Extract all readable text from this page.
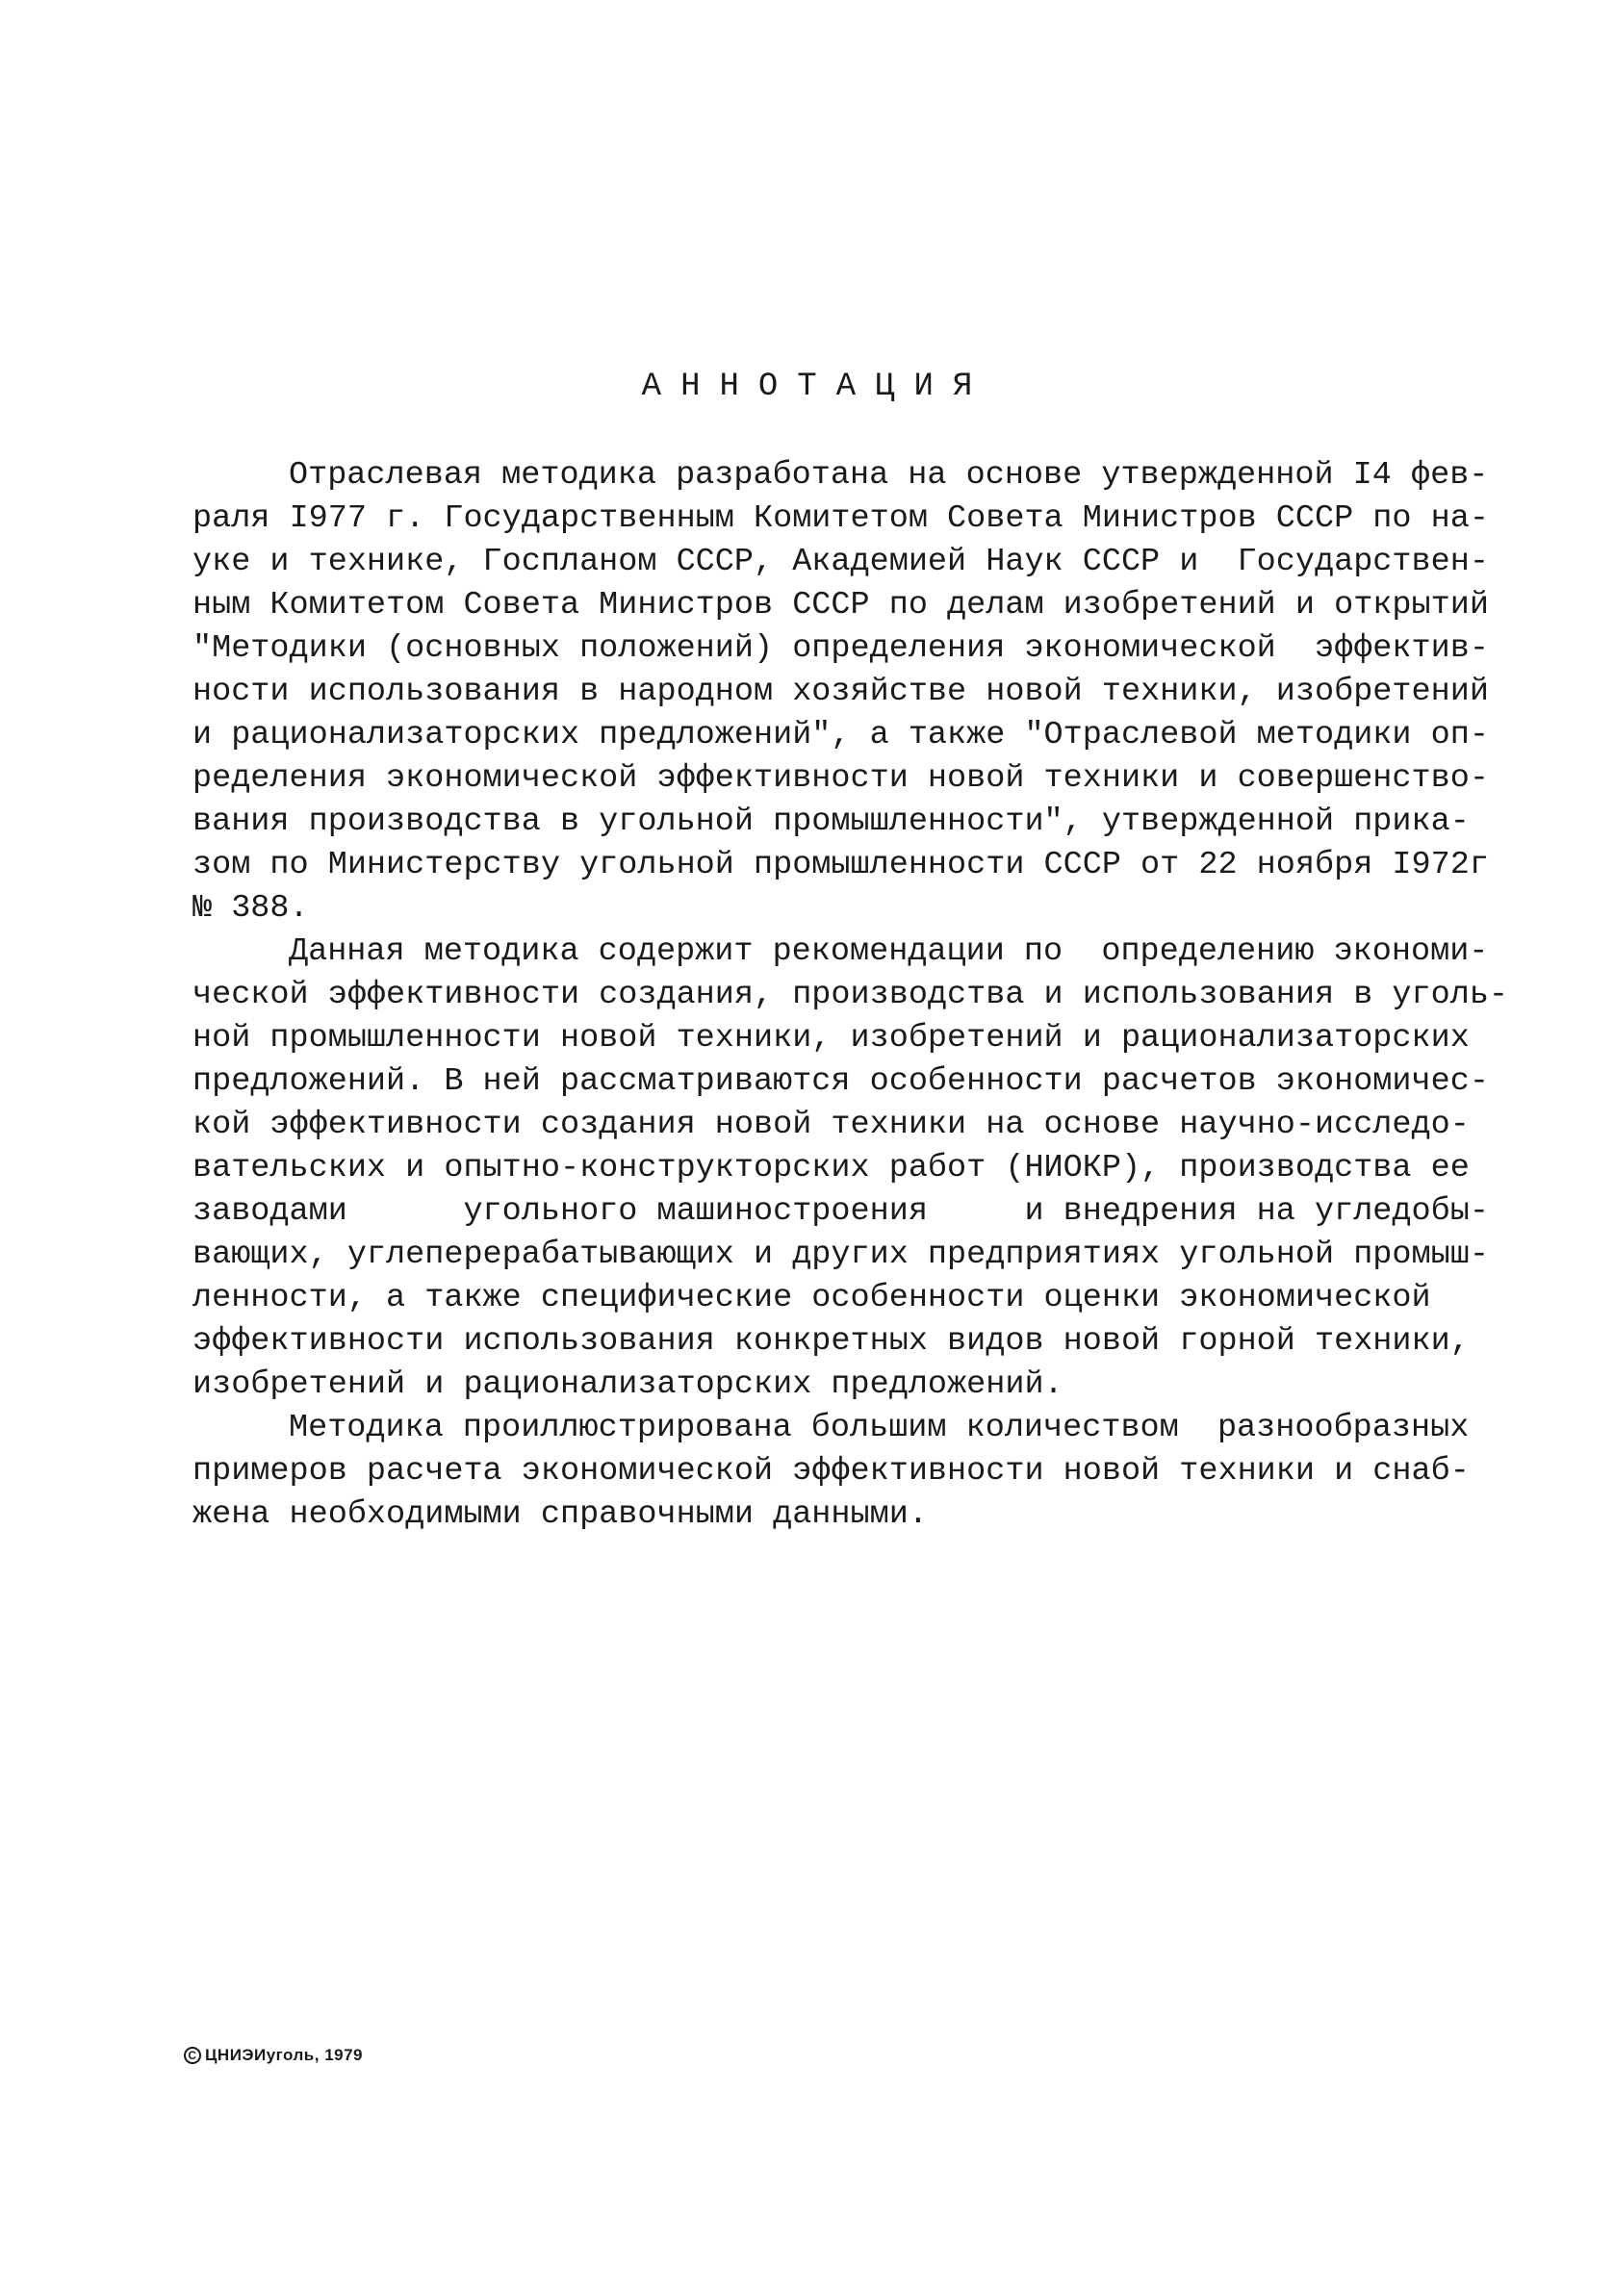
АННОТАЦИЯ
Отраслевая методика разработана на основе утвержденной I4 фев-
раля I977 г. Государственным Комитетом Совета Министров СССР по на-
уке и технике, Госпланом СССР, Академией Наук СССР и  Государствен-
ным Комитетом Совета Министров СССР по делам изобретений и открытий
"Методики (основных положений) определения экономической  эффектив-
ности использования в народном хозяйстве новой техники, изобретений
и рационализаторских предложений", а также "Отраслевой методики оп-
ределения экономической эффективности новой техники и совершенство-
вания производства в угольной промышленности", утвержденной прика-
зом по Министерству угольной промышленности СССР от 22 ноября I972г
№ 388.
Данная методика содержит рекомендации по  определению экономи-
ческой эффективности создания, производства и использования в уголь-
ной промышленности новой техники, изобретений и рационализаторских
предложений. В ней рассматриваются особенности расчетов экономичес-
кой эффективности создания новой техники на основе научно-исследо-
вательских и опытно-конструкторских работ (НИОКР), производства ее
заводами      угольного машиностроения     и внедрения на угледобы-
вающих, углеперерабатывающих и других предприятиях угольной промыш-
ленности, а также специфические особенности оценки экономической
эффективности использования конкретных видов новой горной техники,
изобретений и рационализаторских предложений.
Методика проиллюстрирована большим количеством  разнообразных
примеров расчета экономической эффективности новой техники и снаб-
жена необходимыми справочными данными.
C ЦНИЭИуголь, 1979
